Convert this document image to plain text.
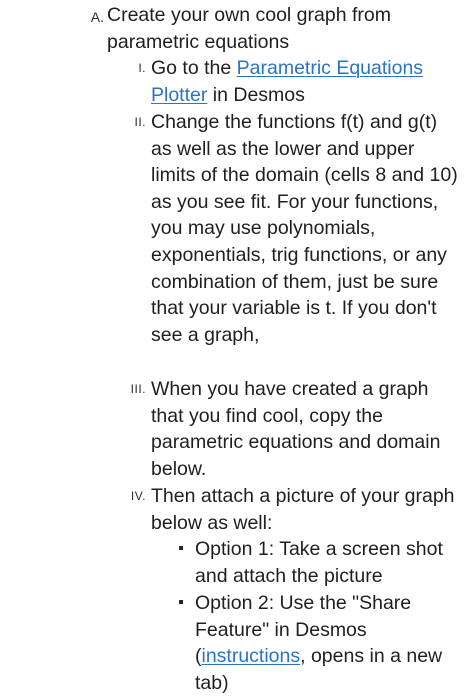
A. Create your own cool graph from parametric equations
I. Go to the Parametric Equations Plotter in Desmos
II. Change the functions f(t) and g(t) as well as the lower and upper limits of the domain (cells 8 and 10) as you see fit. For your functions, you may use polynomials, exponentials, trig functions, or any combination of them, just be sure that your variable is t. If you don't see a graph,
III. When you have created a graph that you find cool, copy the parametric equations and domain below.
IV. Then attach a picture of your graph below as well:
▪ Option 1: Take a screen shot and attach the picture
▪ Option 2: Use the "Share Feature" in Desmos (instructions, opens in a new tab)
